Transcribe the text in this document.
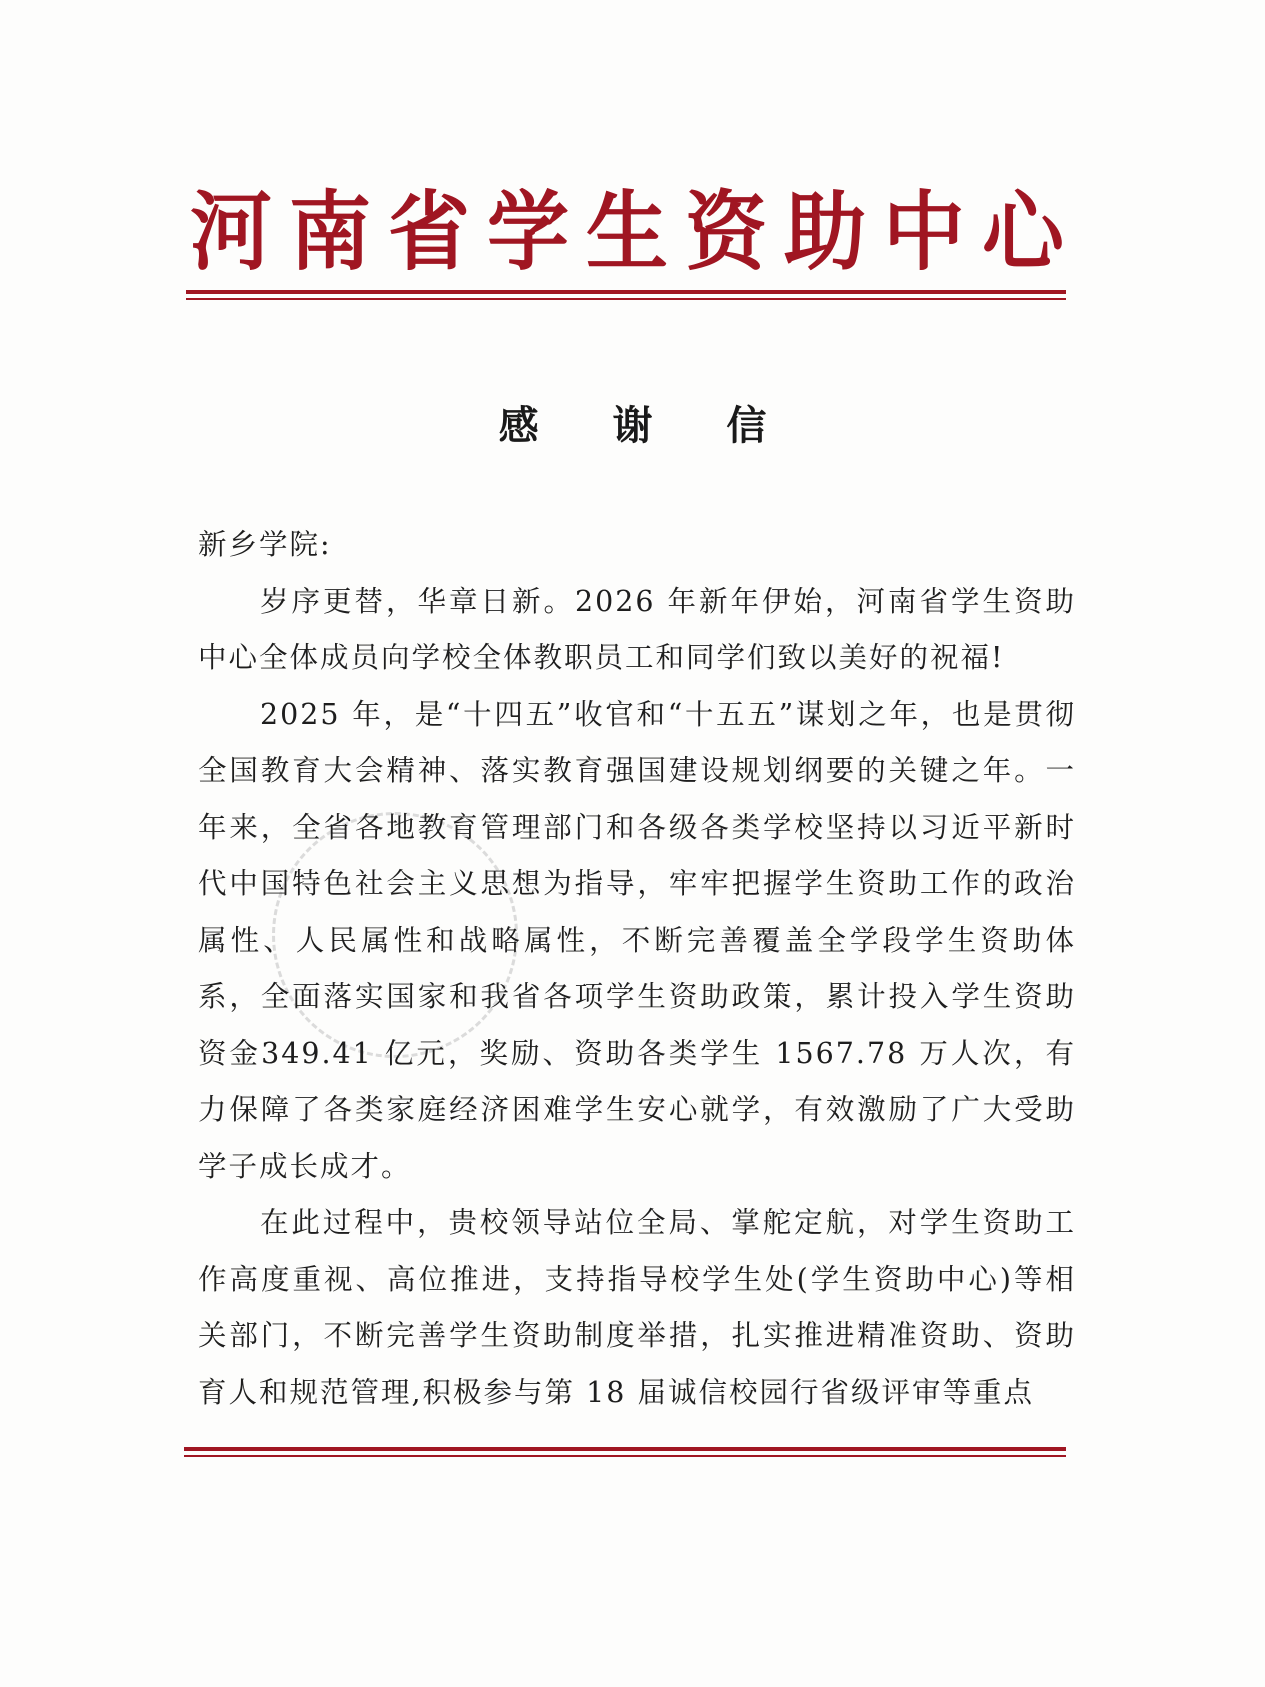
河南省学生资助中心
感 谢 信

新乡学院:

岁序更替，华章日新。2026 年新年伊始，河南省学生资助中心全体成员向学校全体教职员工和同学们致以美好的祝福!

2025 年，是“十四五”收官和“十五五”谋划之年，也是贯彻全国教育大会精神、落实教育强国建设规划纲要的关键之年。一年来，全省各地教育管理部门和各级各类学校坚持以习近平新时代中国特色社会主义思想为指导，牢牢把握学生资助工作的政治属性、人民属性和战略属性，不断完善覆盖全学段学生资助体系，全面落实国家和我省各项学生资助政策，累计投入学生资助资金349.41 亿元，奖励、资助各类学生 1567.78 万人次，有力保障了各类家庭经济困难学生安心就学，有效激励了广大受助学子成长成才。

在此过程中，贵校领导站位全局、掌舵定航，对学生资助工作高度重视、高位推进，支持指导校学生处(学生资助中心)等相关部门，不断完善学生资助制度举措，扎实推进精准资助、资助育人和规范管理,积极参与第 18 届诚信校园行省级评审等重点
